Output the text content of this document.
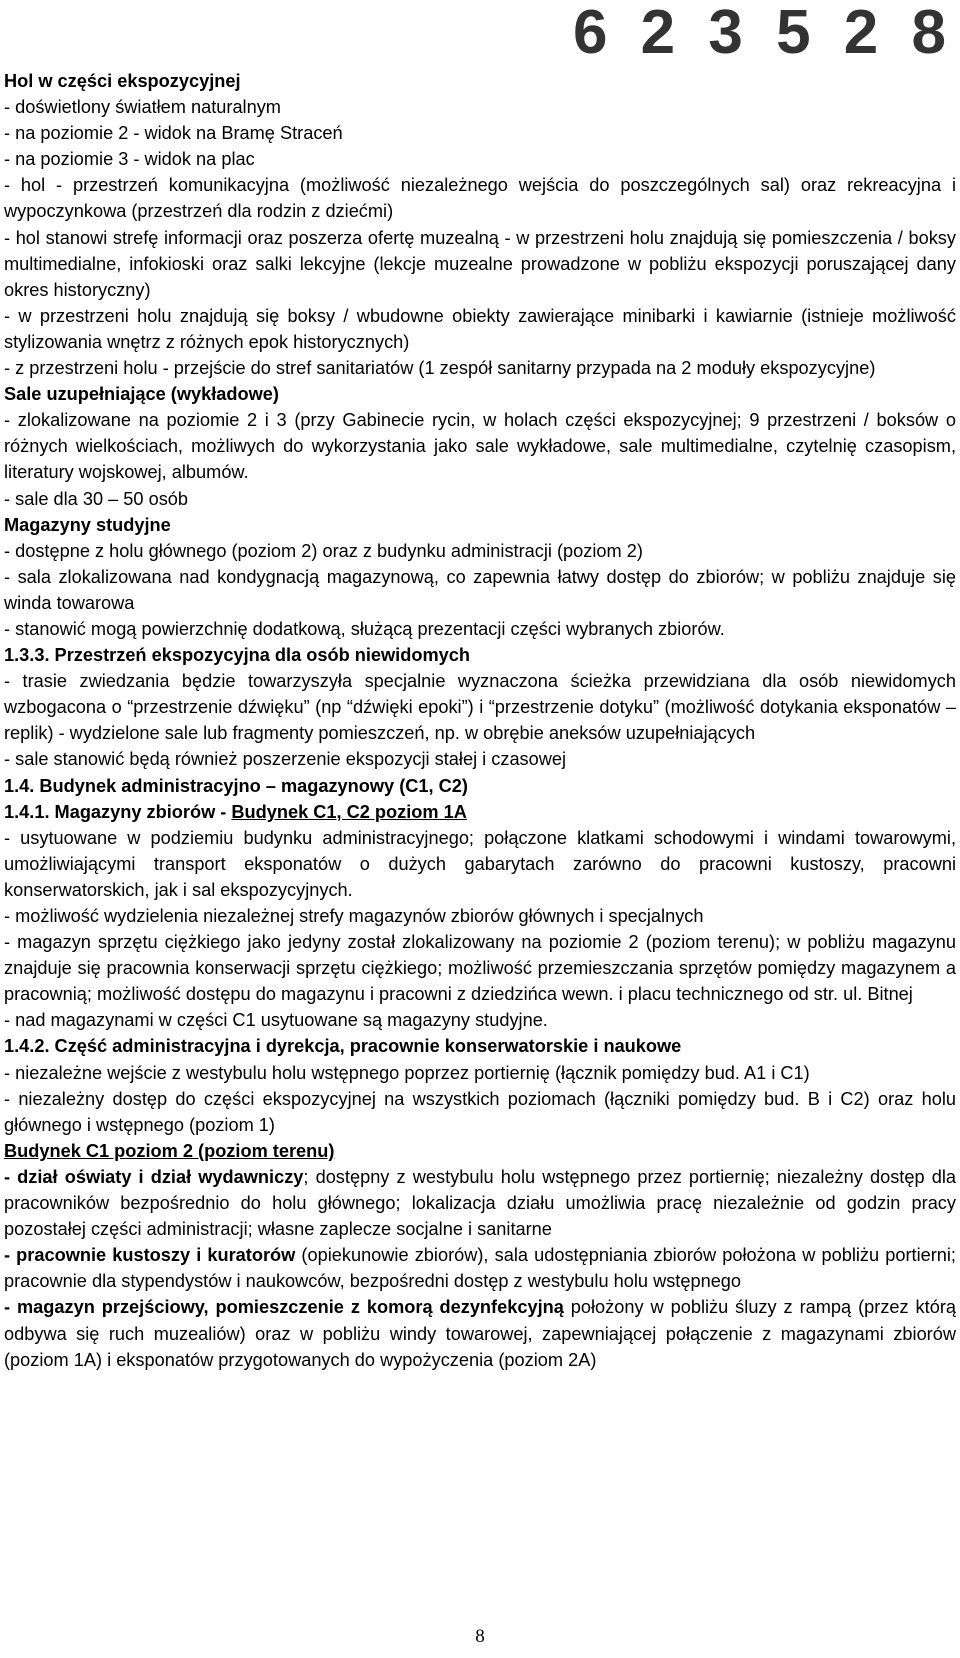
6 2 3 5 2 8

Hol w części ekspozycyjnej

- doświetlony światłem naturalnym

- na poziomie 2 - widok na Bramę Straceń

- na poziomie 3 - widok na plac

- hol - przestrzeń komunikacyjna (możliwość niezależnego wejścia do poszczególnych sal) oraz rekreacyjna i wypoczynkowa (przestrzeń dla rodzin z dziećmi)

- hol stanowi strefę informacji oraz poszerza ofertę muzealną - w przestrzeni holu znajdują się pomieszczenia / boksy multimedialne, infokioski oraz salki lekcyjne (lekcje muzealne prowadzone w pobliżu ekspozycji poruszającej dany okres historyczny)

- w przestrzeni holu znajdują się boksy / wbudowne obiekty zawierające minibarki i kawiarnie (istnieje możliwość stylizowania wnętrz z różnych epok historycznych)

- z przestrzeni holu - przejście do stref sanitariatów (1 zespół sanitarny przypada na 2 moduły ekspozycyjne)

Sale uzupełniające (wykładowe)

- zlokalizowane na poziomie 2 i 3 (przy Gabinecie rycin, w holach części ekspozycyjnej; 9 przestrzeni / boksów o różnych wielkościach, możliwych do wykorzystania jako sale wykładowe, sale multimedialne, czytelnię czasopism, literatury wojskowej, albumów.

- sale dla 30 – 50 osób

Magazyny studyjne

- dostępne z holu głównego (poziom 2) oraz z budynku administracji (poziom 2)

- sala zlokalizowana nad kondygnacją magazynową, co zapewnia łatwy dostęp do zbiorów; w pobliżu znajduje się winda towarowa

- stanowić mogą powierzchnię dodatkową, służącą prezentacji części wybranych zbiorów.

1.3.3. Przestrzeń ekspozycyjna dla osób niewidomych

- trasie zwiedzania będzie towarzyszyła specjalnie wyznaczona ścieżka przewidziana dla osób niewidomych wzbogacona o “przestrzenie dźwięku” (np “dźwięki epoki”) i “przestrzenie dotyku” (możliwość dotykania eksponatów – replik) - wydzielone sale lub fragmenty pomieszczeń, np. w obrębie aneksów uzupełniających

- sale stanowić będą również poszerzenie ekspozycji stałej i czasowej

1.4. Budynek administracyjno – magazynowy (C1, C2)

1.4.1. Magazyny zbiorów - Budynek C1, C2 poziom 1A

- usytuowane w podziemiu budynku administracyjnego; połączone klatkami schodowymi i windami towarowymi, umożliwiającymi transport eksponatów o dużych gabarytach zarówno do pracowni kustoszy, pracowni konserwatorskich, jak i sal ekspozycyjnych.

- możliwość wydzielenia niezależnej strefy magazynów zbiorów głównych i specjalnych

- magazyn sprzętu ciężkiego jako jedyny został zlokalizowany na poziomie 2 (poziom terenu); w pobliżu magazynu znajduje się pracownia konserwacji sprzętu ciężkiego; możliwość przemieszczania sprzętów pomiędzy magazynem a pracownią; możliwość dostępu do magazynu i pracowni z dziedzińca wewn. i placu technicznego od str. ul. Bitnej

- nad magazynami w części C1 usytuowane są magazyny studyjne.

1.4.2. Część administracyjna i dyrekcja, pracownie konserwatorskie i naukowe

- niezależne wejście z westybulu holu wstępnego poprzez portiernię (łącznik pomiędzy bud. A1 i C1)

- niezależny dostęp do części ekspozycyjnej na wszystkich poziomach (łączniki pomiędzy bud. B i C2) oraz holu głównego i wstępnego (poziom 1)

Budynek C1 poziom 2 (poziom terenu)

- dział oświaty i dział wydawniczy; dostępny z westybulu holu wstępnego przez portiernię; niezależny dostęp dla pracowników bezpośrednio do holu głównego; lokalizacja działu umożliwia pracę niezależnie od godzin pracy pozostałej części administracji; własne zaplecze socjalne i sanitarne

- pracownie kustoszy i kuratorów (opiekunowie zbiorów), sala udostępniania zbiorów położona w pobliżu portierni; pracownie dla stypendystów i naukowców, bezpośredni dostęp z westybulu holu wstępnego

- magazyn przejściowy, pomieszczenie z komorą dezynfekcyjną położony w pobliżu śluzy z rampą (przez którą odbywa się ruch muzealiów) oraz w pobliżu windy towarowej, zapewniającej połączenie z magazynami zbiorów (poziom 1A) i eksponatów przygotowanych do wypożyczenia (poziom 2A)

8
